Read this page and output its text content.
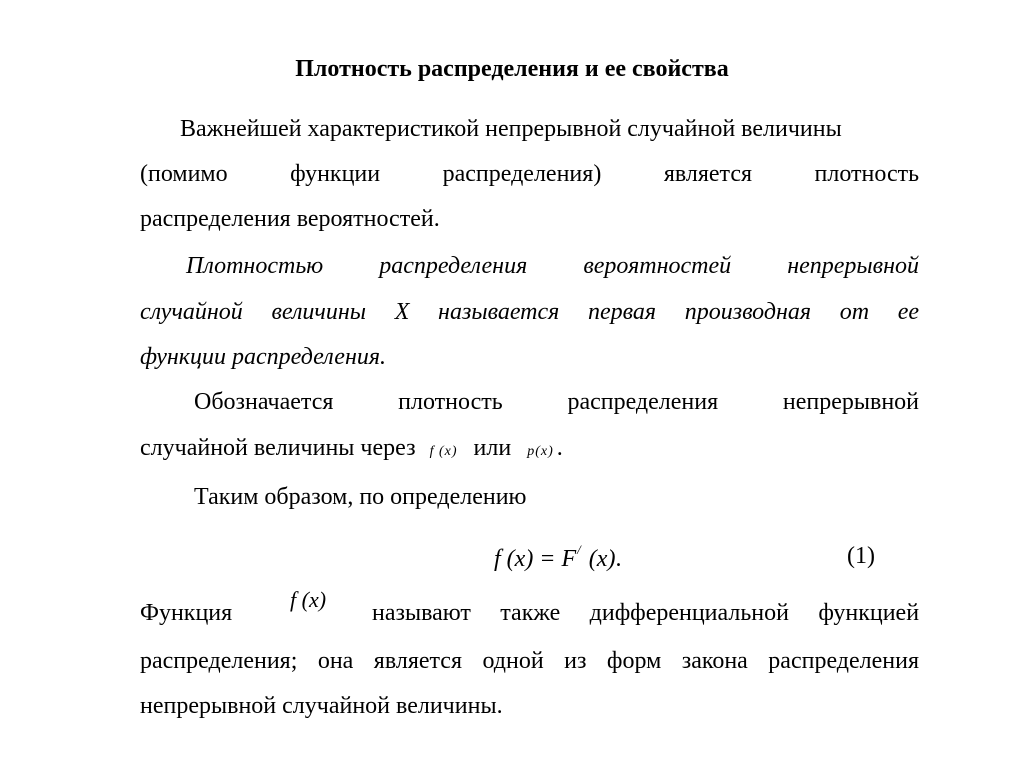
Плотность распределения и ее свойства
Важнейшей характеристикой непрерывной случайной величины
(помимо	функции	распределения)	является	плотность
распределения вероятностей.
Плотностью распределения вероятностей непрерывной
случайной величины X называется первая производная от ее
функции распределения.
Обозначается	плотность	распределения	непрерывной
случайной величины через f (x) или p(x) .
Таким образом, по определению
f (x) = F/ (x).	(1)
Функция
f (x)
называют также дифференциальной функцией
распределения; она является одной из форм закона распределения
непрерывной случайной величины.
